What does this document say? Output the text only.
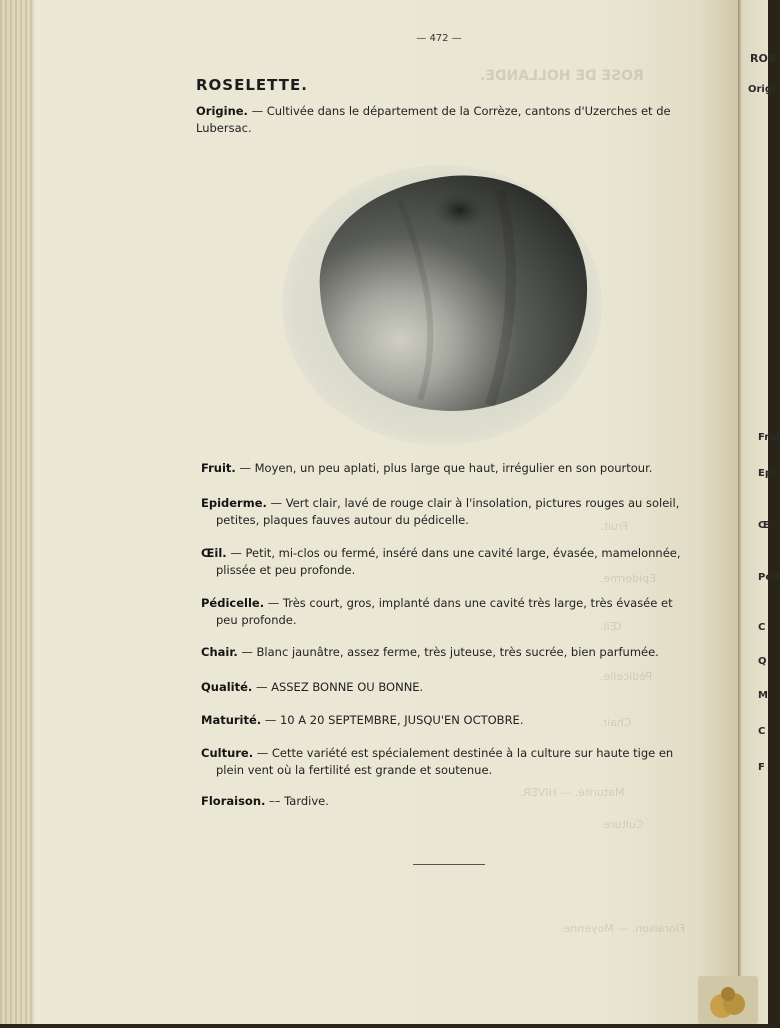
ROSE DE HOLLANDE.
Fruit.
Epiderme.
Œil.
Pédicelle.
Chair.
Maturité. — HIVER.
Culture.
Floraison. — Moyenne.
— 472 —
ROSELETTE.
Origine. — Cultivée dans le département de la Corrèze, cantons d'Uzerches et de
Lubersac.
Fruit. — Moyen, un peu aplati, plus large que haut, irrégulier en son pourtour.
Epiderme. — Vert clair, lavé de rouge clair à l'insolation, pictures rouges au soleil,
petites, plaques fauves autour du pédicelle.
Œil. — Petit, mi-clos ou fermé, inséré dans une cavité large, évasée, mamelonnée,
plissée et peu profonde.
Pédicelle. — Très court, gros, implanté dans une cavité très large, très évasée et
peu profonde.
Chair. — Blanc jaunâtre, assez ferme, très juteuse, très sucrée, bien parfumée.
Qualité. — ASSEZ BONNE OU BONNE.
Maturité. — 10 A 20 SEPTEMBRE, JUSQU'EN OCTOBRE.
Culture. — Cette variété est spécialement destinée à la culture sur haute tige en
plein vent où la fertilité est grande et soutenue.
Floraison. –– Tardive.
ROS
Origi
Frui
Epi
Œ
Péd
C
Q
M
C
F
